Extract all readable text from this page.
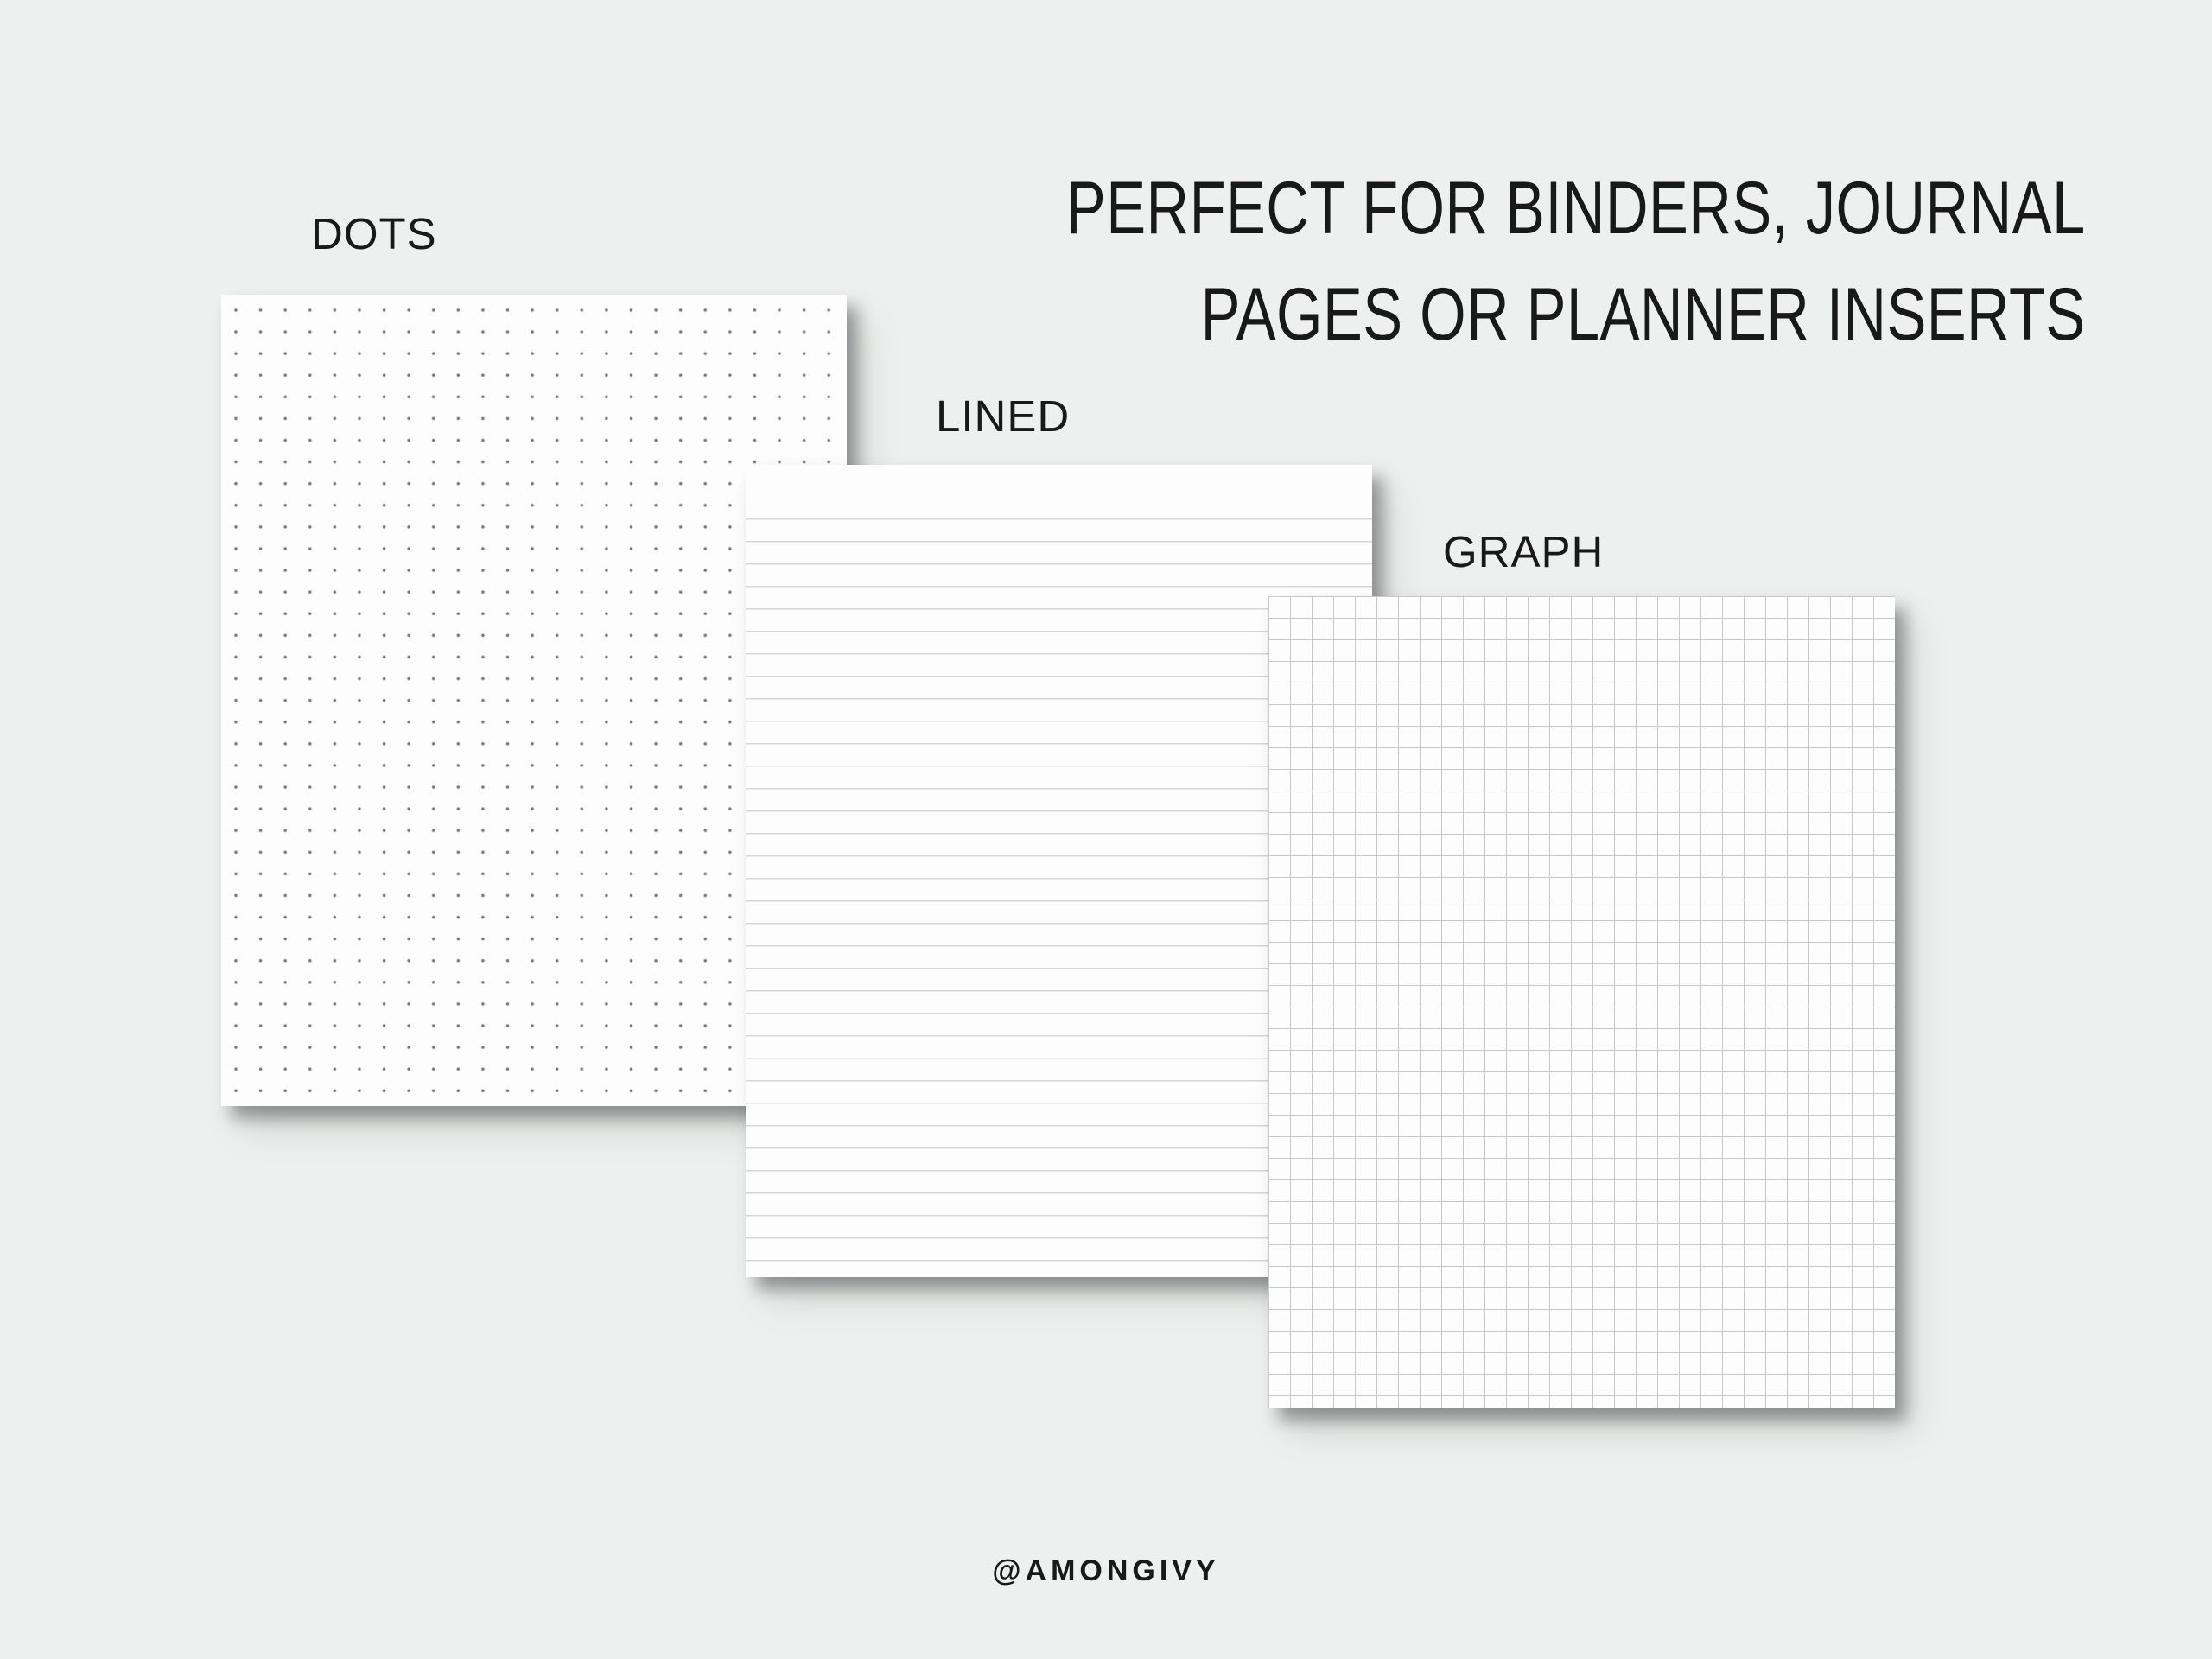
PERFECT FOR BINDERS, JOURNAL
PAGES OR PLANNER INSERTS
DOTS
LINED
GRAPH
@AMONGIVY
